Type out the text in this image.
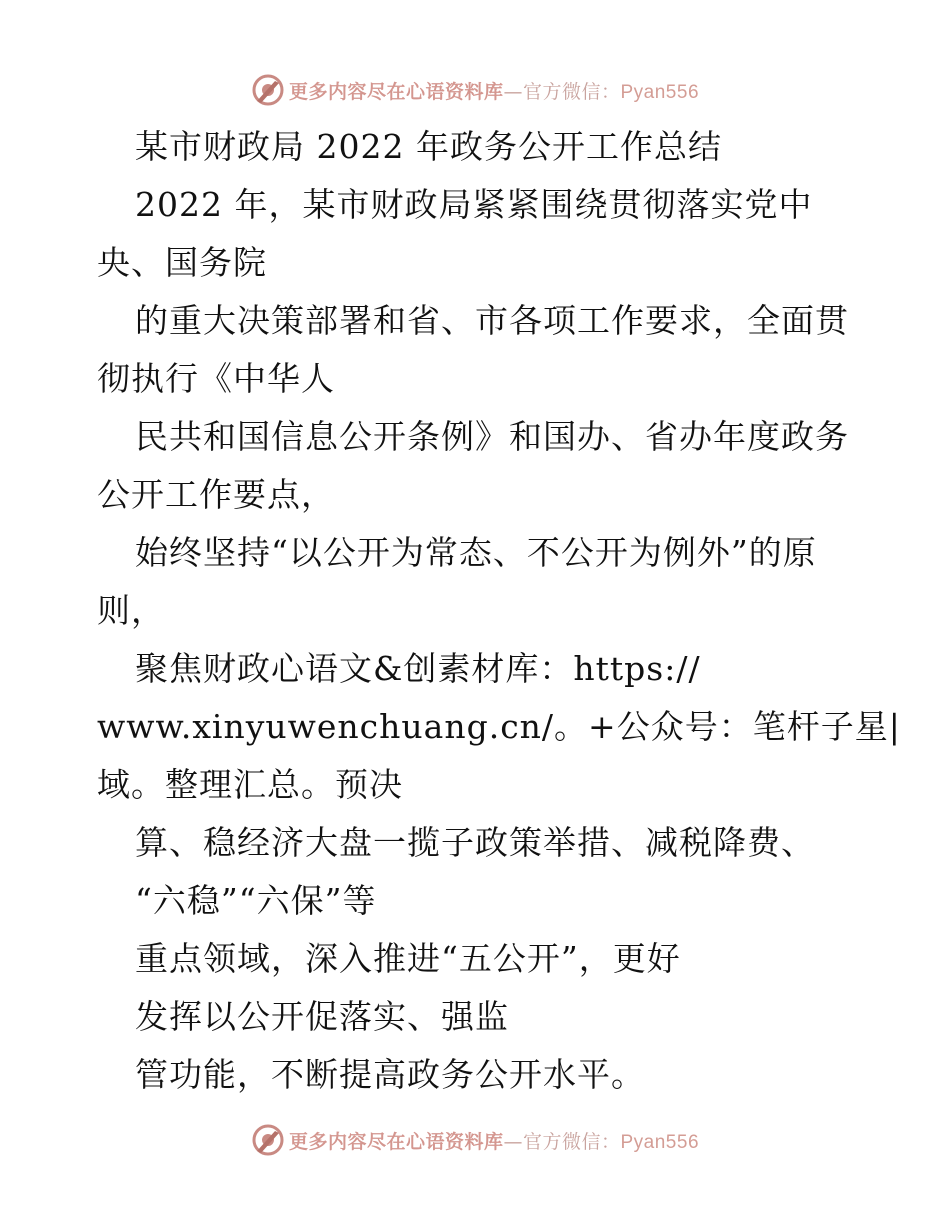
更多内容尽在心语资料库—官方微信：Pyan556
某市财政局 2022 年政务公开工作总结
2022 年，某市财政局紧紧围绕贯彻落实党中
央、国务院
的重大决策部署和省、市各项工作要求，全面贯
彻执行《中华人
民共和国信息公开条例》和国办、省办年度政务
公开工作要点，
始终坚持“以公开为常态、不公开为例外”的原
则，
聚焦财政心语文&创素材库：https://
www.xinyuwenchuang.cn/。+公众号：笔杆子星|
域。整理汇总。预决
算、稳经济大盘一揽子政策举措、减税降费、
“六稳”“六保”等
重点领域，深入推进“五公开”，更好
发挥以公开促落实、强监
管功能，不断提高政务公开水平。
更多内容尽在心语资料库—官方微信：Pyan556
